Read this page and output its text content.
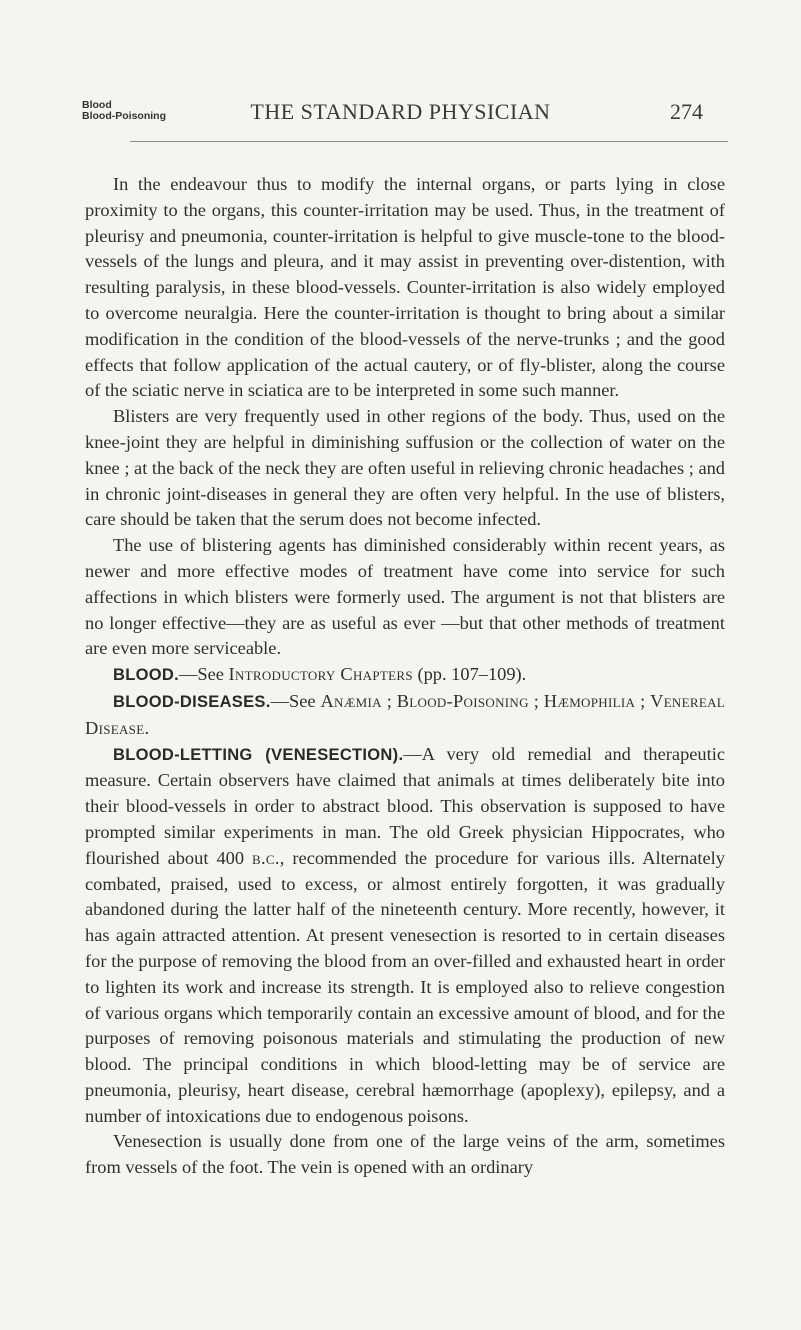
Blood
Blood-Poisoning	THE STANDARD PHYSICIAN	274

In the endeavour thus to modify the internal organs, or parts lying in close proximity to the organs, this counter-irritation may be used. Thus, in the treatment of pleurisy and pneumonia, counter-irritation is helpful to give muscle-tone to the blood-vessels of the lungs and pleura, and it may assist in preventing over-distention, with resulting paralysis, in these blood-vessels. Counter-irritation is also widely employed to overcome neuralgia. Here the counter-irritation is thought to bring about a similar modification in the condition of the blood-vessels of the nerve-trunks ; and the good effects that follow application of the actual cautery, or of fly-blister, along the course of the sciatic nerve in sciatica are to be interpreted in some such manner.

Blisters are very frequently used in other regions of the body. Thus, used on the knee-joint they are helpful in diminishing suffusion or the collection of water on the knee ; at the back of the neck they are often useful in relieving chronic headaches ; and in chronic joint-diseases in general they are often very helpful. In the use of blisters, care should be taken that the serum does not become infected.

The use of blistering agents has diminished considerably within recent years, as newer and more effective modes of treatment have come into service for such affections in which blisters were formerly used. The argument is not that blisters are no longer effective—they are as useful as ever —but that other methods of treatment are even more serviceable.

BLOOD.—See Introductory Chapters (pp. 107–109).

BLOOD-DISEASES.—See Anæmia ; Blood-Poisoning ; Hæmophilia ; Venereal Disease.

BLOOD-LETTING (VENESECTION).—A very old remedial and therapeutic measure. Certain observers have claimed that animals at times deliberately bite into their blood-vessels in order to abstract blood. This observation is supposed to have prompted similar experiments in man. The old Greek physician Hippocrates, who flourished about 400 b.c., recommended the procedure for various ills. Alternately combated, praised, used to excess, or almost entirely forgotten, it was gradually abandoned during the latter half of the nineteenth century. More recently, however, it has again attracted attention. At present venesection is resorted to in certain diseases for the purpose of removing the blood from an over-filled and exhausted heart in order to lighten its work and increase its strength. It is employed also to relieve congestion of various organs which temporarily contain an excessive amount of blood, and for the purposes of removing poisonous materials and stimulating the production of new blood. The principal conditions in which blood-letting may be of service are pneumonia, pleurisy, heart disease, cerebral hæmorrhage (apoplexy), epilepsy, and a number of intoxications due to endogenous poisons.

Venesection is usually done from one of the large veins of the arm, sometimes from vessels of the foot. The vein is opened with an ordinary
